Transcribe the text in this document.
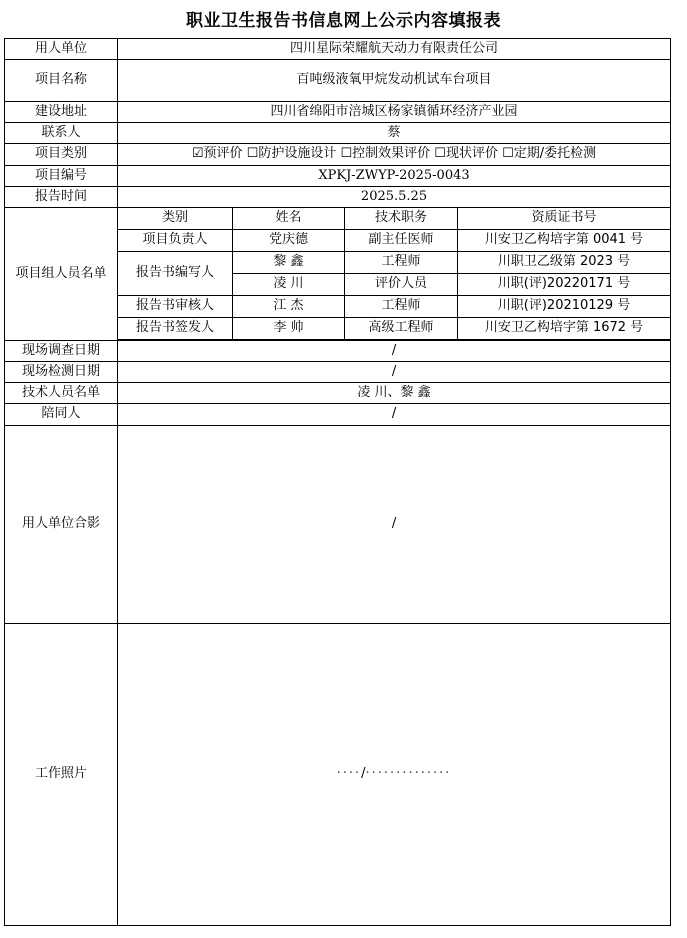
职业卫生报告书信息网上公示内容填报表
用人单位	四川星际荣耀航天动力有限责任公司			
项目名称	百吨级液氧甲烷发动机试车台项目			
建设地址	四川省绵阳市涪城区杨家镇循环经济产业园			
联系人	蔡			
项目类别	☑预评价 ☐防护设施设计 ☐控制效果评价 ☐现状评价 ☐定期/委托检测			
项目编号	XPKJ-ZWYP-2025-0043			
报告时间	2025.5.25			
项目组人员名单	类别	姓名	技术职务	资质证书号
	项目负责人	党庆德	副主任医师	川安卫乙构培字第 0041 号
	报告书编写人	黎 鑫	工程师	川职卫乙级第 2023 号
		凌 川	评价人员	川职(评)20220171 号
	报告书审核人	江 杰	工程师	川职(评)20210129 号
	报告书签发人	李 帅	高级工程师	川安卫乙构培字第 1672 号

现场调查日期	/			
现场检测日期	/			
技术人员名单	凌 川、黎 鑫			
陪同人	/			
用人单位合影	/			
工作照片	····/··············			
